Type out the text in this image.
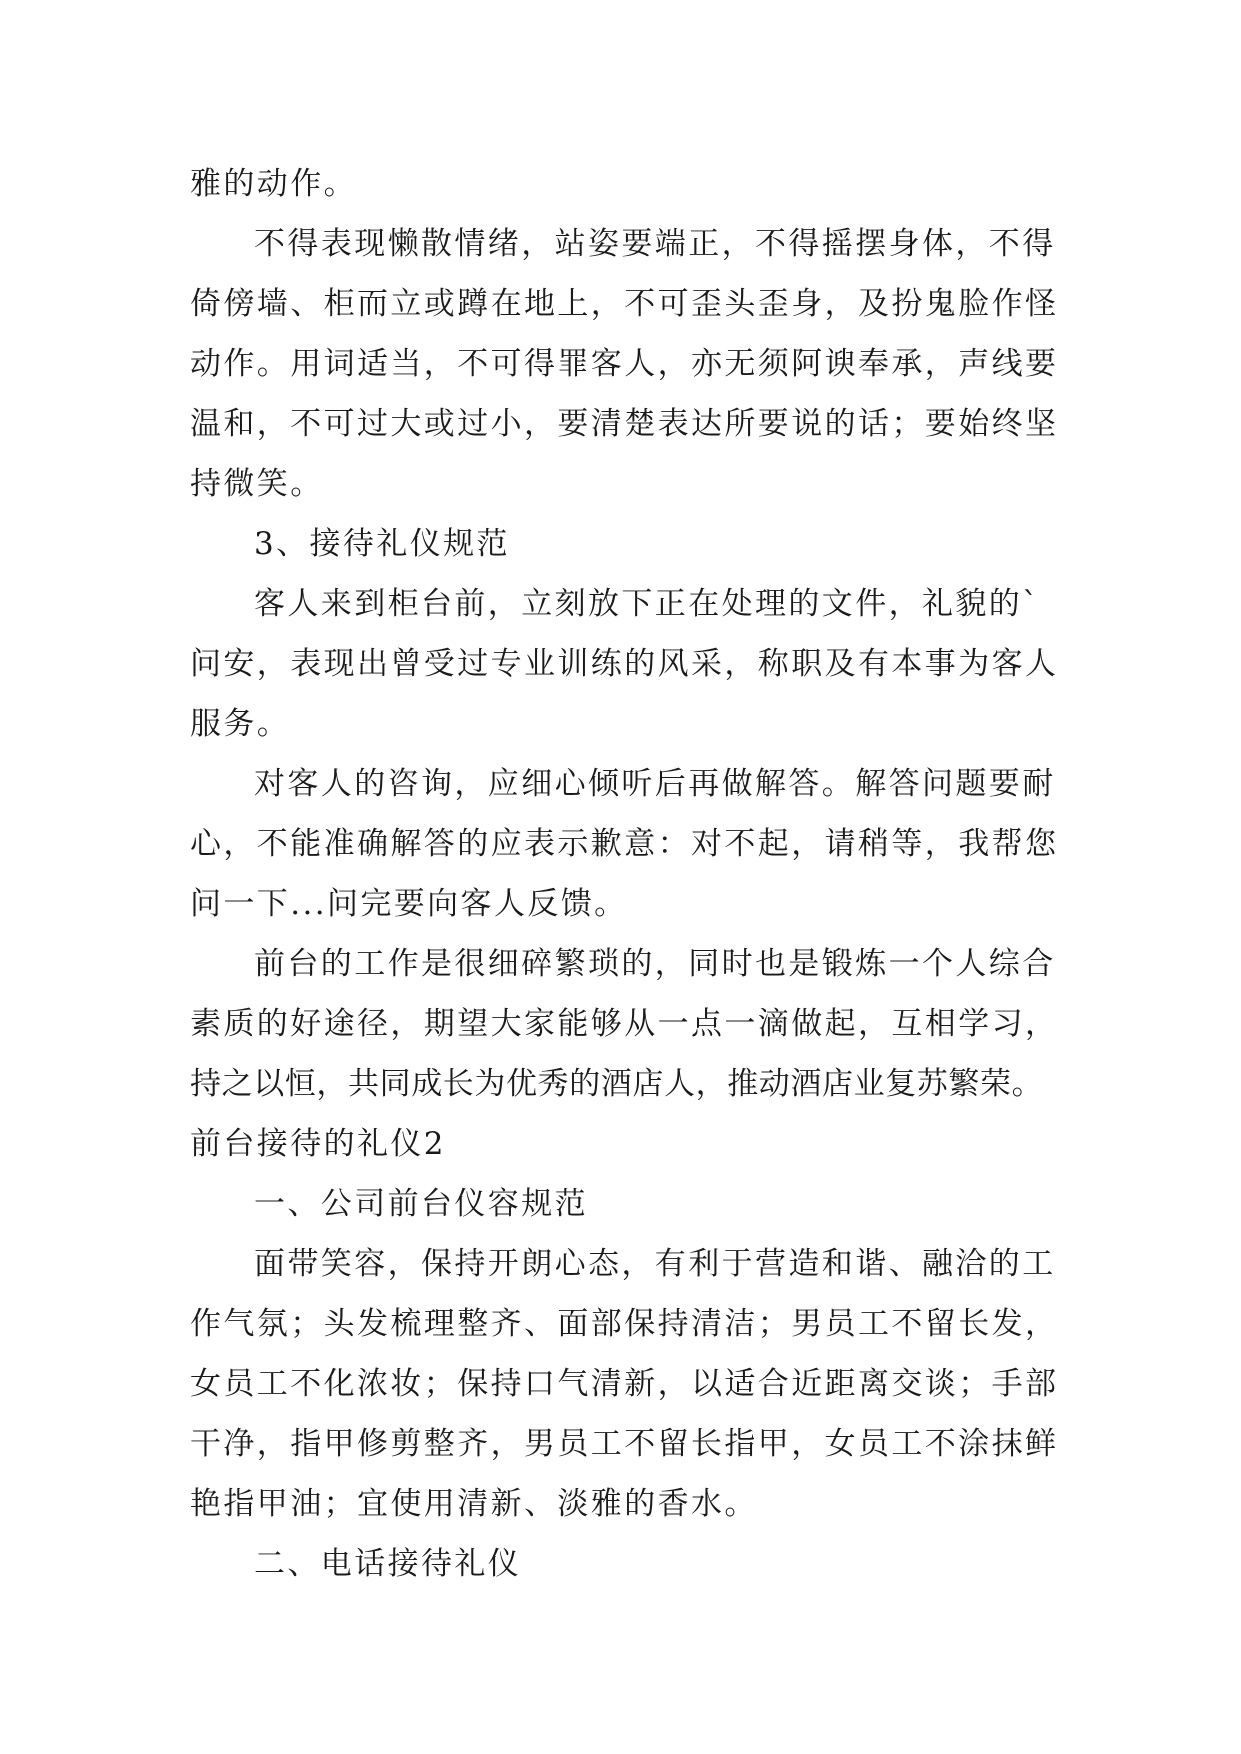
雅的动作。
不得表现懒散情绪，站姿要端正，不得摇摆身体，不得
倚傍墙、柜而立或蹲在地上，不可歪头歪身，及扮鬼脸作怪
动作。用词适当，不可得罪客人，亦无须阿谀奉承，声线要
温和，不可过大或过小，要清楚表达所要说的话；要始终坚
持微笑。
3、接待礼仪规范
客人来到柜台前，立刻放下正在处理的文件，礼貌的`
问安，表现出曾受过专业训练的风采，称职及有本事为客人
服务。
对客人的咨询，应细心倾听后再做解答。解答问题要耐
心，不能准确解答的应表示歉意：对不起，请稍等，我帮您
问一下...问完要向客人反馈。
前台的工作是很细碎繁琐的，同时也是锻炼一个人综合
素质的好途径，期望大家能够从一点一滴做起，互相学习，
持之以恒，共同成长为优秀的酒店人，推动酒店业复苏繁荣。
前台接待的礼仪2
一、公司前台仪容规范
面带笑容，保持开朗心态，有利于营造和谐、融洽的工
作气氛；头发梳理整齐、面部保持清洁；男员工不留长发，
女员工不化浓妆；保持口气清新，以适合近距离交谈；手部
干净，指甲修剪整齐，男员工不留长指甲，女员工不涂抹鲜
艳指甲油；宜使用清新、淡雅的香水。
二、电话接待礼仪
